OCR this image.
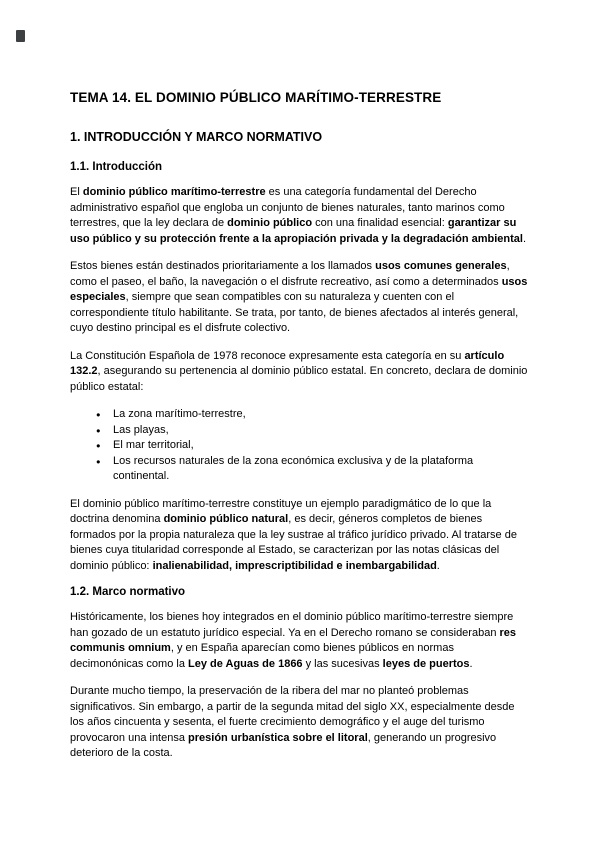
TEMA 14. EL DOMINIO PÚBLICO MARÍTIMO-TERRESTRE
1. INTRODUCCIÓN Y MARCO NORMATIVO
1.1. Introducción

El dominio público marítimo-terrestre es una categoría fundamental del Derecho administrativo español que engloba un conjunto de bienes naturales, tanto marinos como terrestres, que la ley declara de dominio público con una finalidad esencial: garantizar su uso público y su protección frente a la apropiación privada y la degradación ambiental.

Estos bienes están destinados prioritariamente a los llamados usos comunes generales, como el paseo, el baño, la navegación o el disfrute recreativo, así como a determinados usos especiales, siempre que sean compatibles con su naturaleza y cuenten con el correspondiente título habilitante. Se trata, por tanto, de bienes afectados al interés general, cuyo destino principal es el disfrute colectivo.

La Constitución Española de 1978 reconoce expresamente esta categoría en su artículo 132.2, asegurando su pertenencia al dominio público estatal. En concreto, declara de dominio público estatal:

● La zona marítimo-terrestre,
● Las playas,
● El mar territorial,
● Los recursos naturales de la zona económica exclusiva y de la plataforma continental.

El dominio público marítimo-terrestre constituye un ejemplo paradigmático de lo que la doctrina denomina dominio público natural, es decir, géneros completos de bienes formados por la propia naturaleza que la ley sustrae al tráfico jurídico privado. Al tratarse de bienes cuya titularidad corresponde al Estado, se caracterizan por las notas clásicas del dominio público: inalienabilidad, imprescriptibilidad e inembargabilidad.

1.2. Marco normativo

Históricamente, los bienes hoy integrados en el dominio público marítimo-terrestre siempre han gozado de un estatuto jurídico especial. Ya en el Derecho romano se consideraban res communis omnium, y en España aparecían como bienes públicos en normas decimonónicas como la Ley de Aguas de 1866 y las sucesivas leyes de puertos.

Durante mucho tiempo, la preservación de la ribera del mar no planteó problemas significativos. Sin embargo, a partir de la segunda mitad del siglo XX, especialmente desde los años cincuenta y sesenta, el fuerte crecimiento demográfico y el auge del turismo provocaron una intensa presión urbanística sobre el litoral, generando un progresivo deterioro de la costa.
